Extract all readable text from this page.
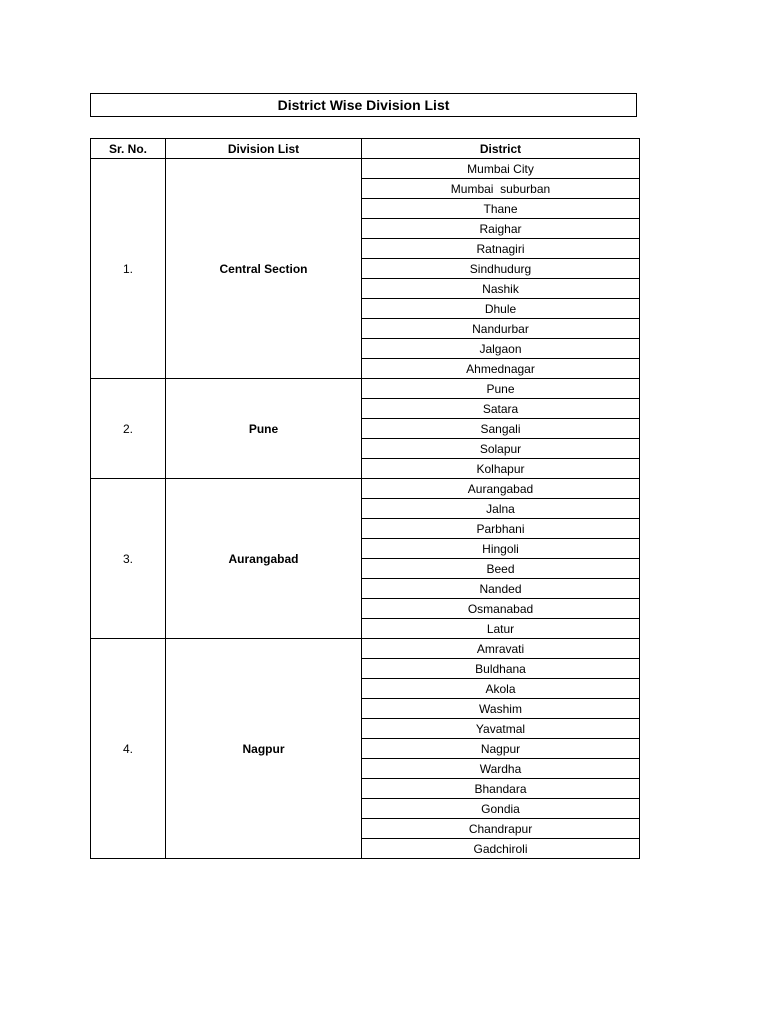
District Wise Division List
Sr. No.	Division List	District
1.	Central Section	Mumbai City
		Mumbai  suburban
		Thane
		Raighar
		Ratnagiri
		Sindhudurg
		Nashik
		Dhule
		Nandurbar
		Jalgaon
		Ahmednagar
2.	Pune	Pune
		Satara
		Sangali
		Solapur
		Kolhapur
3.	Aurangabad	Aurangabad
		Jalna
		Parbhani
		Hingoli
		Beed
		Nanded
		Osmanabad
		Latur
4.	Nagpur	Amravati
		Buldhana
		Akola
		Washim
		Yavatmal
		Nagpur
		Wardha
		Bhandara
		Gondia
		Chandrapur
		Gadchiroli
